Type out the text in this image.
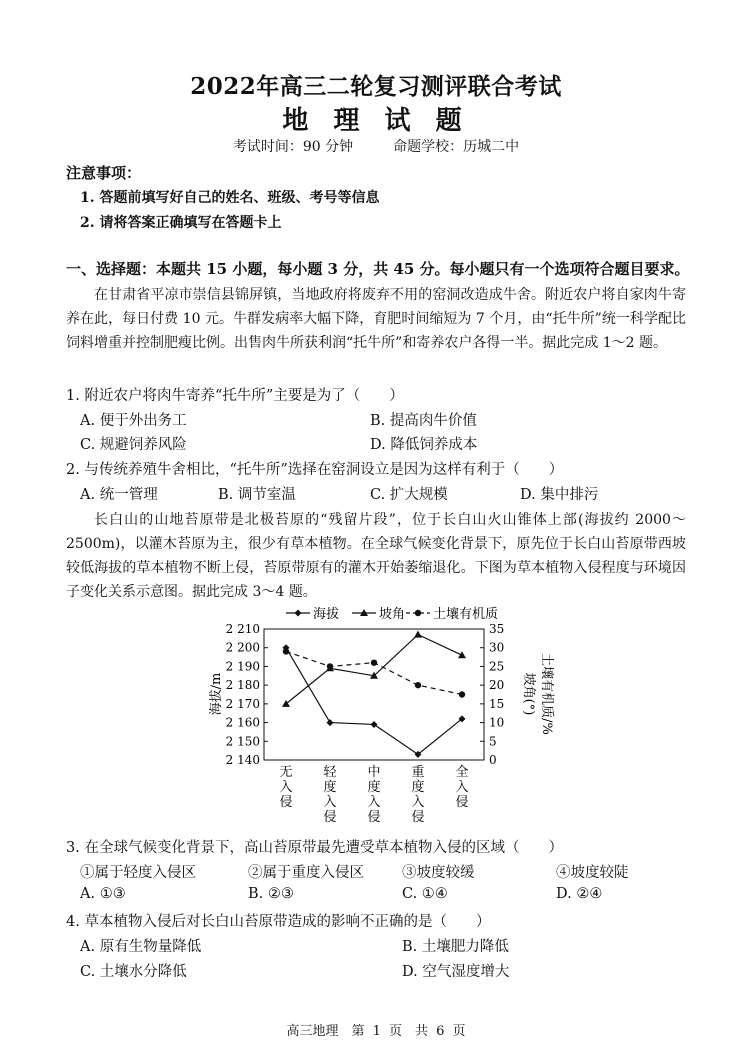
2022年高三二轮复习测评联合考试
地 理 试 题
考试时间：90 分钟	命题学校：历城二中
注意事项：
1. 答题前填写好自己的姓名、班级、考号等信息
2. 请将答案正确填写在答题卡上
一、选择题：本题共 15 小题，每小题 3 分，共 45 分。每小题只有一个选项符合题目要求。
在甘肃省平凉市崇信县锦屏镇，当地政府将废弃不用的窑洞改造成牛舍。附近农户将自家肉牛寄养在此，每日付费 10 元。牛群发病率大幅下降，育肥时间缩短为 7 个月，由“托牛所”统一科学配比饲料增重并控制肥瘦比例。出售肉牛所获利润“托牛所”和寄养农户各得一半。据此完成 1～2 题。
1. 附近农户将肉牛寄养“托牛所”主要是为了（　　）
A. 便于外出务工	B. 提高肉牛价值
C. 规避饲养风险	D. 降低饲养成本
2. 与传统养殖牛舍相比，“托牛所”选择在窑洞设立是因为这样有利于（　　）
A. 统一管理	B. 调节室温	C. 扩大规模	D. 集中排污
长白山的山地苔原带是北极苔原的“残留片段”，位于长白山火山锥体上部(海拔约 2000～2500m)，以灌木苔原为主，很少有草本植物。在全球气候变化背景下，原先位于长白山苔原带西坡较低海拔的草本植物不断上侵，苔原带原有的灌木开始萎缩退化。下图为草本植物入侵程度与环境因子变化关系示意图。据此完成 3～4 题。
海拔	坡角 土壤有机质
2 140
2 150
2 160
2 170
2 180
2 190
2 200
2 210
0
5
10
15
20
25
30
35
海拔/m	坡角(°) 土壤有机质/%
无入侵
轻度入侵
中度入侵
重度入侵
全入侵
3. 在全球气候变化背景下，高山苔原带最先遭受草本植物入侵的区域（　　）
①属于轻度入侵区	②属于重度入侵区	③坡度较缓	④坡度较陡
A. ①③	B. ②③	C. ①④	D. ②④
4. 草本植物入侵后对长白山苔原带造成的影响不正确的是（　　）
A. 原有生物量降低	B. 土壤肥力降低
C. 土壤水分降低	D. 空气湿度增大
高三地理　第 1 页　共 6 页
